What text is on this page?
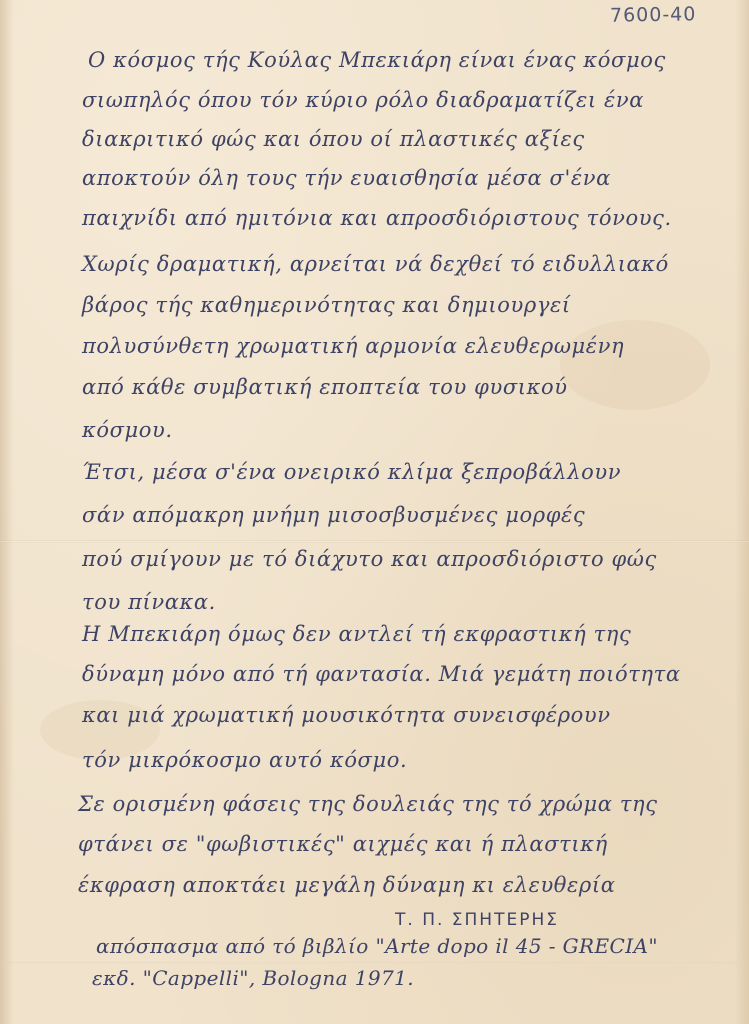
7600-40
Ο κόσμος τής Κούλας Μπεκιάρη είναι ένας κόσμος
σιωπηλός όπου τόν κύριο ρόλο διαδραματίζει ένα
διακριτικό φώς και όπου οί πλαστικές αξίες
αποκτούν όλη τους τήν ευαισθησία μέσα σ'ένα
παιχνίδι από ημιτόνια και απροσδιόριστους τόνους.
Χωρίς δραματική, αρνείται νά δεχθεί τό ειδυλλιακό
βάρος τής καθημερινότητας και δημιουργεί
πολυσύνθετη χρωματική αρμονία ελευθερωμένη
από κάθε συμβατική εποπτεία του φυσικού
κόσμου.
Έτσι, μέσα σ'ένα ονειρικό κλίμα ξεπροβάλλουν
σάν απόμακρη μνήμη μισοσβυσμένες μορφές
πού σμίγουν με τό διάχυτο και απροσδιόριστο φώς
του πίνακα.
Η Μπεκιάρη όμως δεν αντλεί τή εκφραστική της
δύναμη μόνο από τή φαντασία. Μιά γεμάτη ποιότητα
και μιά χρωματική μουσικότητα συνεισφέρουν
τόν μικρόκοσμο αυτό κόσμο.
Σε ορισμένη φάσεις της δουλειάς της τό χρώμα της
φτάνει σε "φωβιστικές" αιχμές και ή πλαστική
έκφραση αποκτάει μεγάλη δύναμη κι ελευθερία
Τ. Π. ΣΠΗΤΕΡΗΣ
απόσπασμα από τό βιβλίο "Arte dopo il 45 - GRECIA"
εκδ. "Cappelli", Bologna 1971.
